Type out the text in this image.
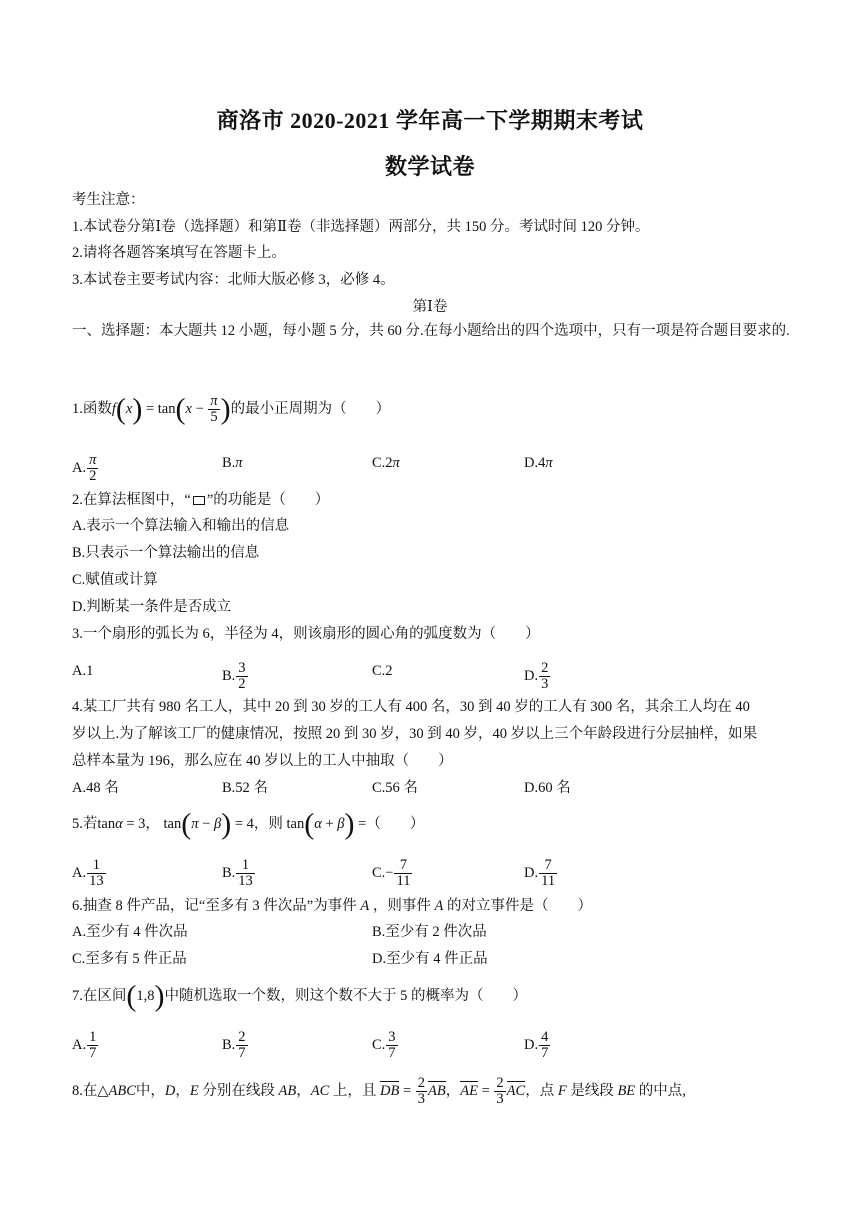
商洛市 2020-2021 学年高一下学期期末考试
数学试卷
考生注意：
1.本试卷分第Ⅰ卷（选择题）和第Ⅱ卷（非选择题）两部分，共 150 分。考试时间 120 分钟。
2.请将各题答案填写在答题卡上。
3.本试卷主要考试内容：北师大版必修 3，必修 4。
第Ⅰ卷
一、选择题：本大题共 12 小题，每小题 5 分，共 60 分.在每小题给出的四个选项中，只有一项是符合题目要求的.
1.函数$f(x) = \tan(x - \frac{\pi}{5}$ )的最小正周期为（　　）
A. $\frac{\pi}{2}$	B.π	C.2π	D.4π
2.在算法框图中，“ ”的功能是（　　）
A.表示一个算法输入和输出的信息
B.只表示一个算法输出的信息
C.赋值或计算
D.判断某一条件是否成立
3.一个扇形的弧长为 6，半径为 4，则该扇形的圆心角的弧度数为（　　）
A.1	B. $\frac{3}{2}$	C.2	D. $\frac{2}{3}$
4.某工厂共有 980 名工人，其中 20 到 30 岁的工人有 400 名，30 到 40 岁的工人有 300 名，其余工人均在 40
岁以上.为了解该工厂的健康情况，按照 20 到 30 岁，30 到 40 岁，40 岁以上三个年龄段进行分层抽样，如果
总样本量为 196，那么应在 40 岁以上的工人中抽取（　　）
A.48 名	B.52 名	C.56 名	D.60 名
5.若tanα = 3， tan(π − β) = 4，则 tan(α + β) =（　　）
A. $\frac{1}{13}$	B. $\frac{1}{13}$	$C.- \frac{7}{11}$	D. $\frac{7}{11}$
6.抽查 8 件产品，记“至多有 3 件次品”为事件 A ，则事件 A 的对立事件是（　　）
A.至少有 4 件次品	B.至少有 2 件次品
C.至多有 5 件正品	D.至少有 4 件正品
7.在区间(1,8)中随机选取一个数，则这个数不大于 5 的概率为（　　）
A. $\frac{1}{7}$	B. $\frac{2}{7}$	C. $\frac{3}{7}$	D. $\frac{4}{7}$
8.在△ABC中，D，E 分别在线段 AB，AC 上，且 DB = $\frac{2}{3}$ AB，AE = $\frac{2}{3}$ AC，点 F 是线段 BE 的中点,
